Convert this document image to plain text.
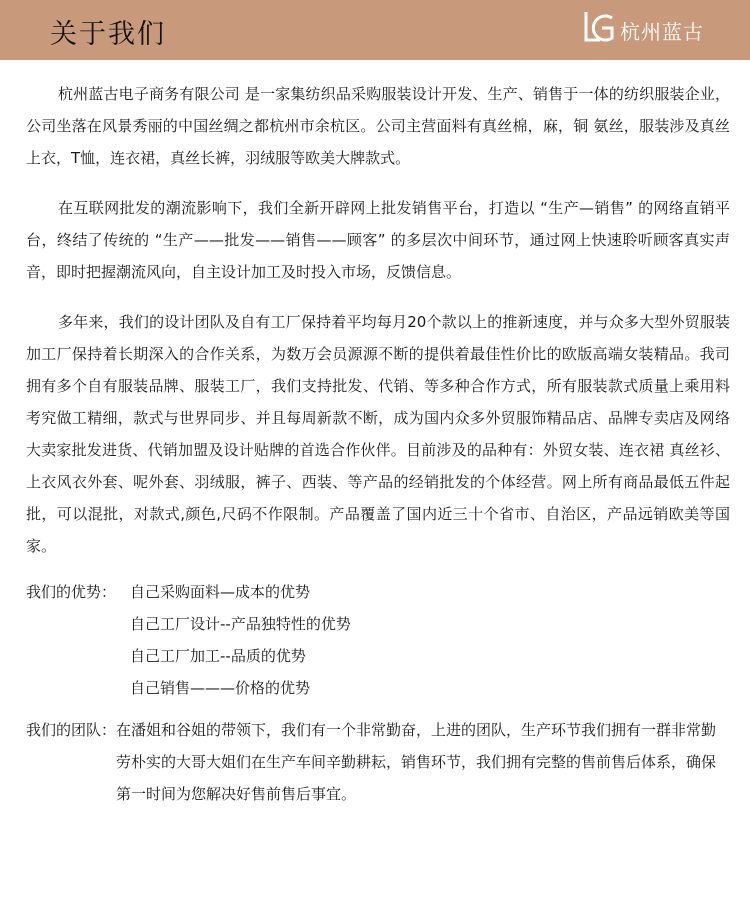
关于我们	杭州蓝古

杭州蓝古电子商务有限公司 是一家集纺织品采购服装设计开发、生产、销售于一体的纺织服装企业，公司坐落在风景秀丽的中国丝绸之都杭州市余杭区。公司主营面料有真丝棉，麻，铜 氨丝，服装涉及真丝上衣，T恤，连衣裙，真丝长裤，羽绒服等欧美大牌款式。

在互联网批发的潮流影响下，我们全新开辟网上批发销售平台，打造以 “生产—销售” 的网络直销平台，终结了传统的 “生产——批发——销售——顾客” 的多层次中间环节，通过网上快速聆听顾客真实声音，即时把握潮流风向，自主设计加工及时投入市场，反馈信息。

多年来，我们的设计团队及自有工厂保持着平均每月20个款以上的推新速度，并与众多大型外贸服装加工厂保持着长期深入的合作关系，为数万会员源源不断的提供着最佳性价比的欧版高端女装精品。我司拥有多个自有服装品牌、服装工厂，我们支持批发、代销、等多种合作方式，所有服装款式质量上乘用料考究做工精细，款式与世界同步、并且每周新款不断，成为国内众多外贸服饰精品店、品牌专卖店及网络大卖家批发进货、代销加盟及设计贴牌的首选合作伙伴。目前涉及的品种有：外贸女装、连衣裙 真丝衫、上衣风衣外套、呢外套、羽绒服，裤子、西装、等产品的经销批发的个体经营。网上所有商品最低五件起批，可以混批，对款式,颜色,尺码不作限制。产品覆盖了国内近三十个省市、自治区，产品远销欧美等国家。

我们的优势： 自己采购面料—成本的优势
自己工厂设计--产品独特性的优势
自己工厂加工--品质的优势
自己销售———价格的优势
我们的团队： 在潘姐和谷姐的带领下，我们有一个非常勤奋，上进的团队，生产环节我们拥有一群非常勤劳朴实的大哥大姐们在生产车间辛勤耕耘，销售环节，我们拥有完整的售前售后体系，确保第一时间为您解决好售前售后事宜。
